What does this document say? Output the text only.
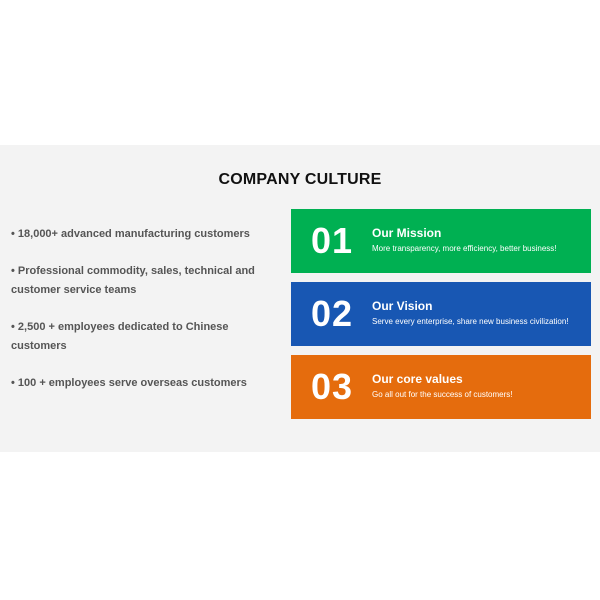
COMPANY CULTURE
• 18,000+ advanced manufacturing customers
• Professional commodity, sales, technical and customer service teams
• 2,500 + employees dedicated to Chinese customers
• 100 + employees serve overseas customers
01 Our Mission
More transparency, more efficiency, better business!
02 Our Vision
Serve every enterprise, share new business civilization!
03 Our core values
Go all out for the success of customers!
